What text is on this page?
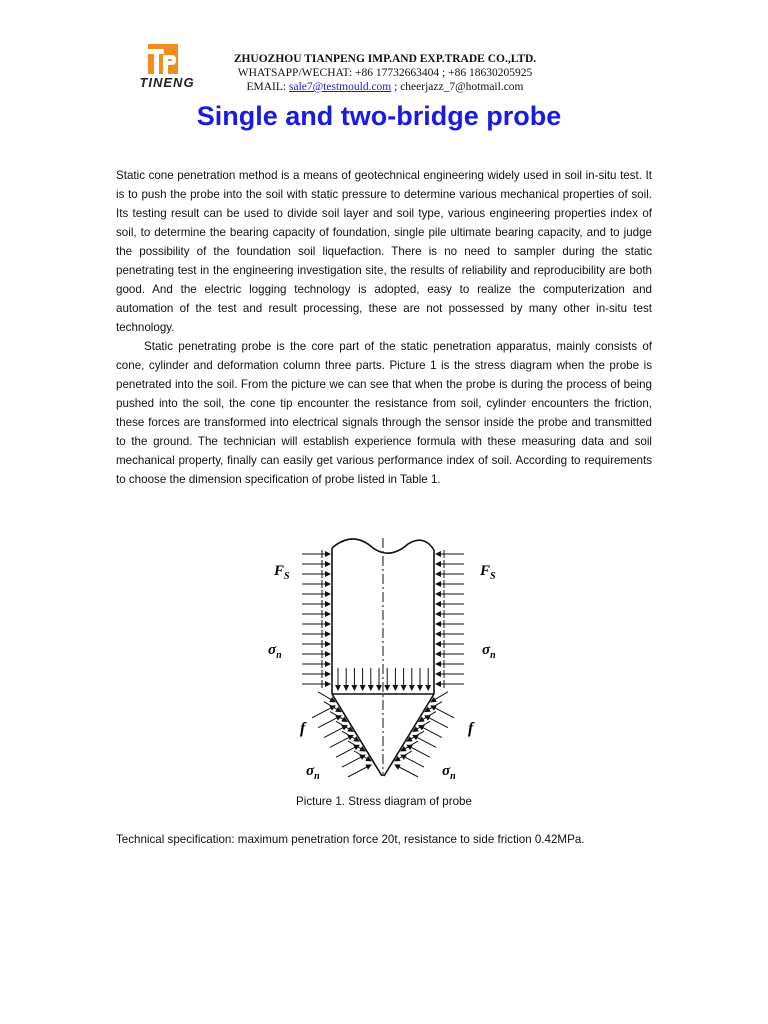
TINENG
ZHUOZHOU TIANPENG IMP.AND EXP.TRADE CO.,LTD.
WHATSAPP/WECHAT: +86 17732663404 ; +86 18630205925
EMAIL: sale7@testmould.com ; cheerjazz_7@hotmail.com
Single and two-bridge probe

Static cone penetration method is a means of geotechnical engineering widely used in soil in-situ test. It is to push the probe into the soil with static pressure to determine various mechanical properties of soil. Its testing result can be used to divide soil layer and soil type, various engineering properties index of soil, to determine the bearing capacity of foundation, single pile ultimate bearing capacity, and to judge the possibility of the foundation soil liquefaction. There is no need to sampler during the static penetrating test in the engineering investigation site, the results of reliability and reproducibility are both good. And the electric logging technology is adopted, easy to realize the computerization and automation of the test and result processing, these are not possessed by many other in-situ test technology.

Static penetrating probe is the core part of the static penetration apparatus, mainly consists of cone, cylinder and deformation column three parts. Picture 1 is the stress diagram when the probe is penetrated into the soil. From the picture we can see that when the probe is during the process of being pushed into the soil, the cone tip encounter the resistance from soil, cylinder encounters the friction, these forces are transformed into electrical signals through the sensor inside the probe and transmitted to the ground. The technician will establish experience formula with these measuring data and soil mechanical property, finally can easily get various performance index of soil. According to requirements to choose the dimension specification of probe listed in Table 1.

$F_S$	$F_S$
$\sigma_n$	$\sigma_n$
f	f
$\sigma_n$	$\sigma_n$
Picture 1. Stress diagram of probe
Technical specification: maximum penetration force 20t, resistance to side friction 0.42MPa.
